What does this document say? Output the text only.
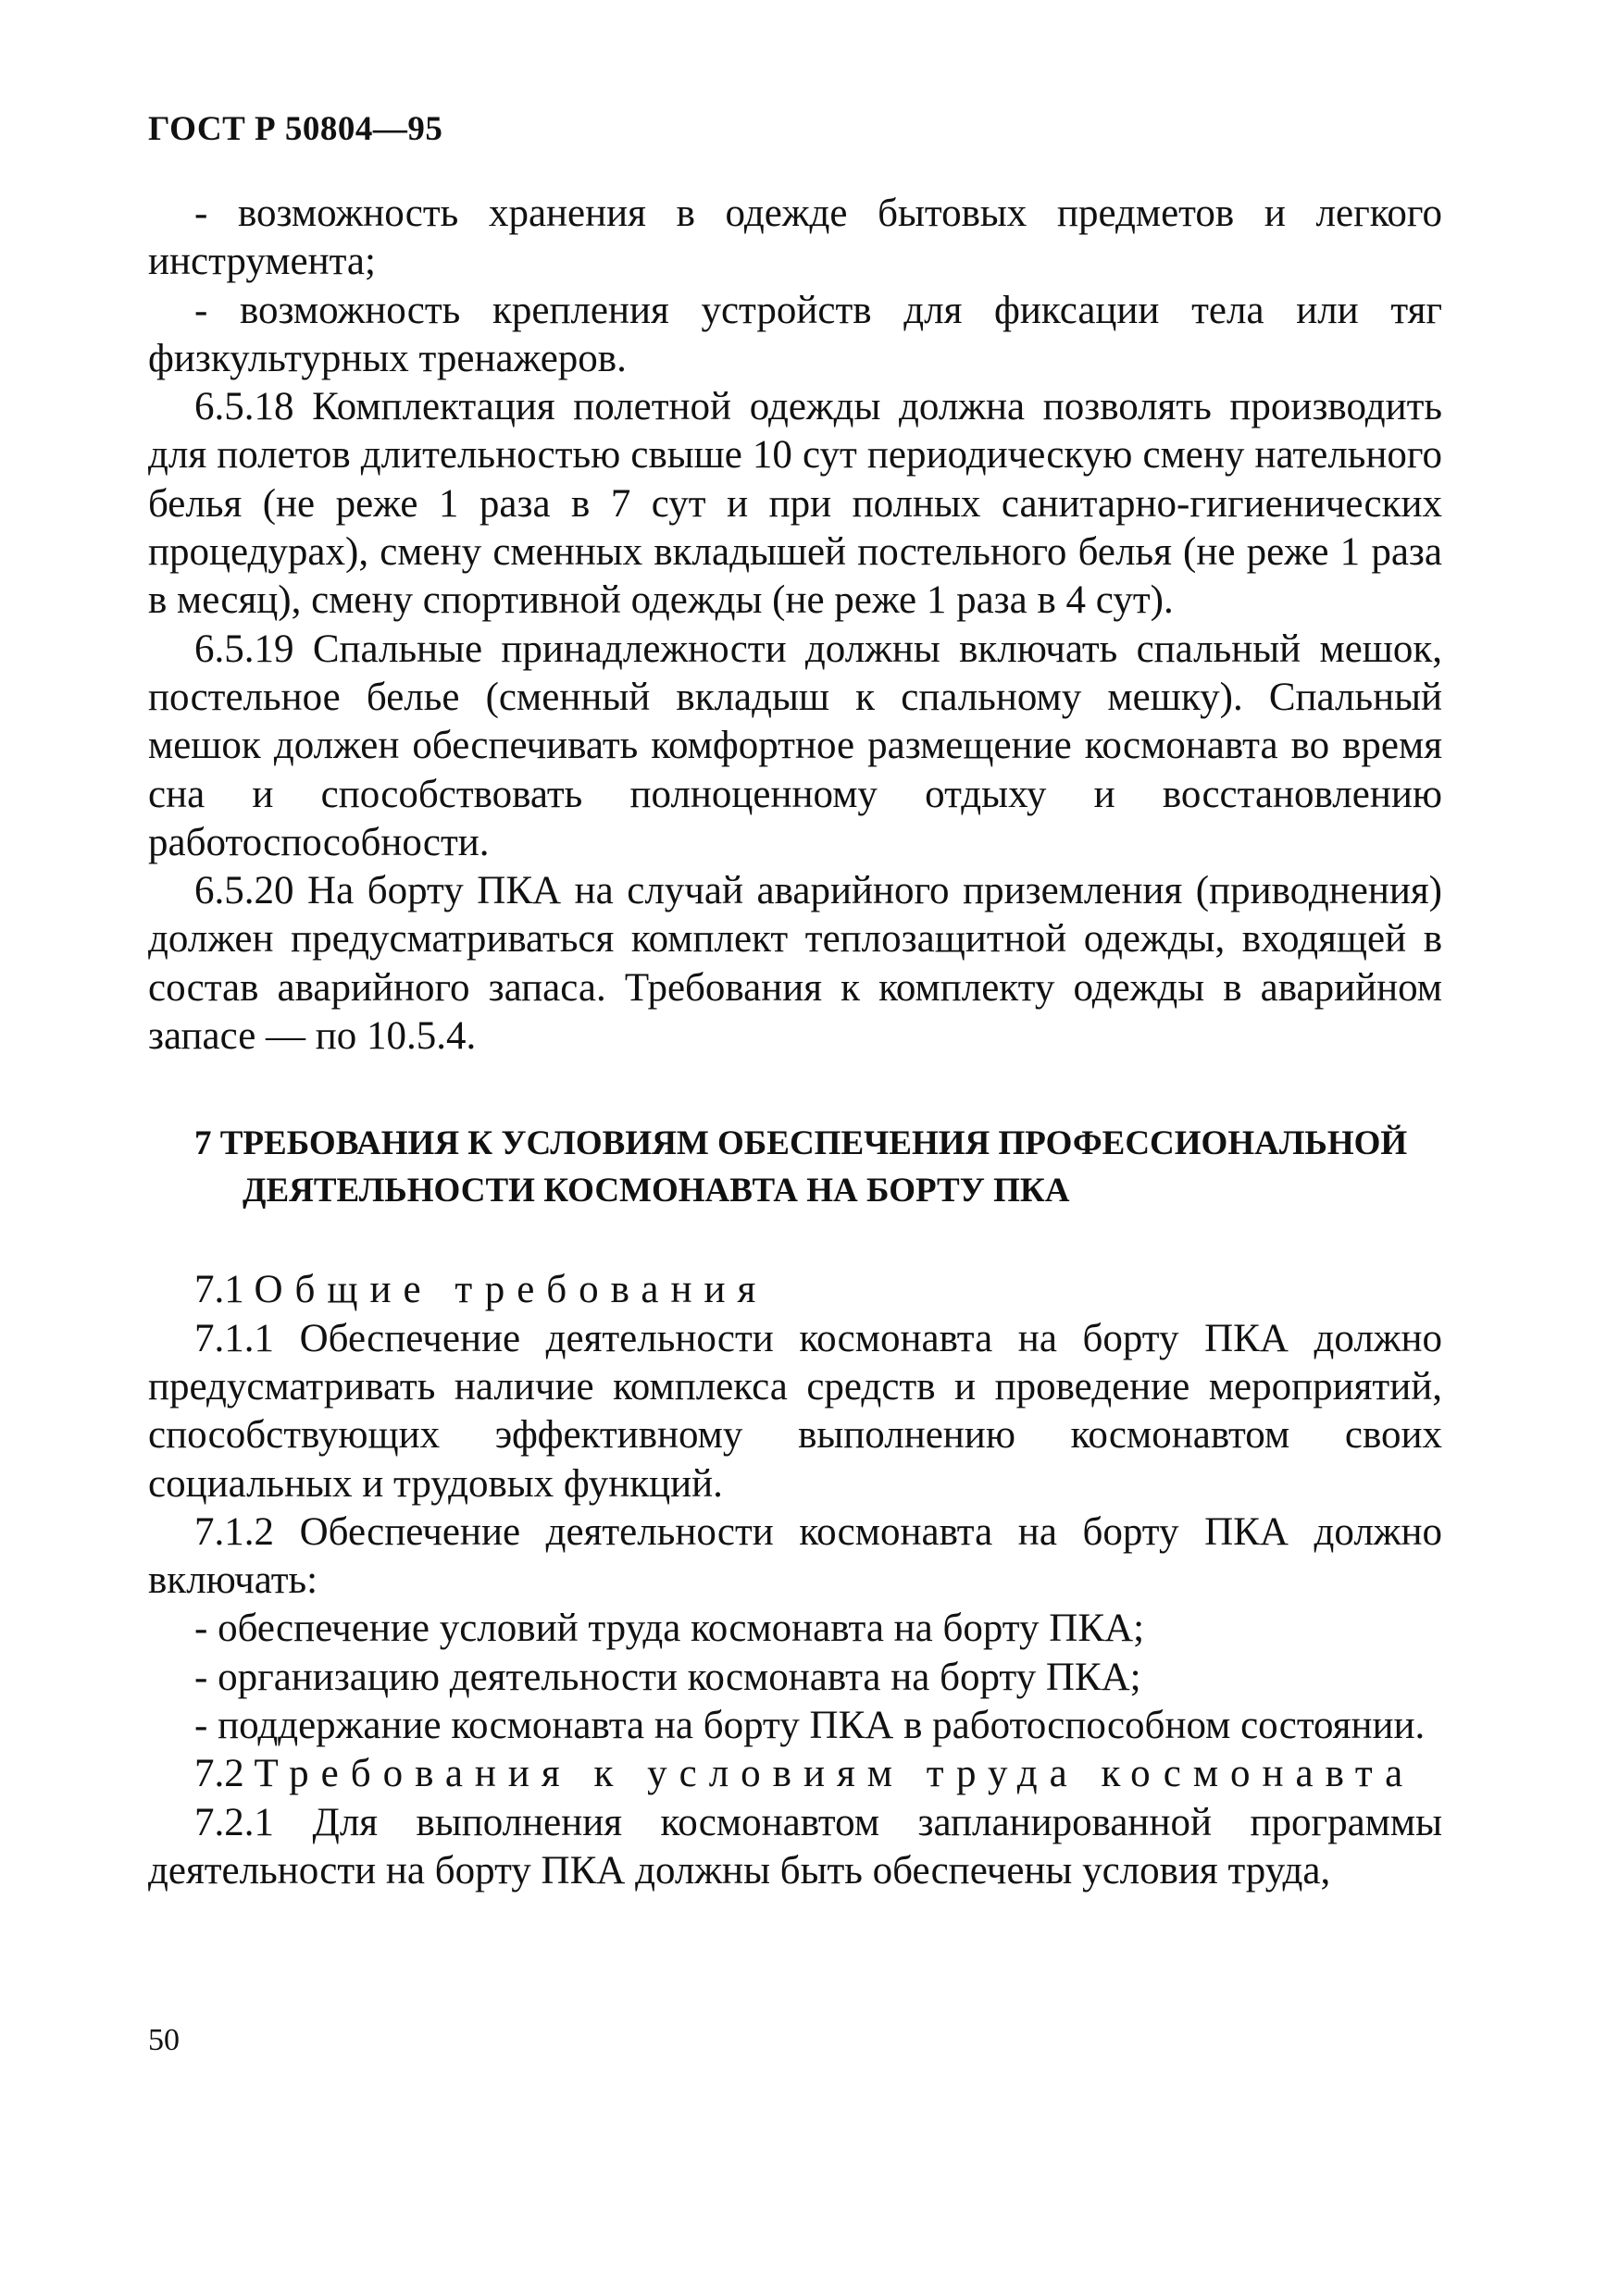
ГОСТ Р 50804—95

- возможность хранения в одежде бытовых предметов и легкого инструмента;

- возможность крепления устройств для фиксации тела или тяг физкультурных тренажеров.

6.5.18 Комплектация полетной одежды должна позволять производить для полетов длительностью свыше 10 сут периодическую смену нательного белья (не реже 1 раза в 7 сут и при полных санитарно-гигиенических процедурах), смену сменных вкладышей постельного белья (не реже 1 раза в месяц), смену спортивной одежды (не реже 1 раза в 4 сут).

6.5.19 Спальные принадлежности должны включать спальный мешок, постельное белье (сменный вкладыш к спальному мешку). Спальный мешок должен обеспечивать комфортное размещение космонавта во время сна и способствовать полноценному отдыху и восстановлению работоспособности.

6.5.20 На борту ПКА на случай аварийного приземления (приводнения) должен предусматриваться комплект теплозащитной одежды, входящей в состав аварийного запаса. Требования к комплекту одежды в аварийном запасе — по 10.5.4.

7 ТРЕБОВАНИЯ К УСЛОВИЯМ ОБЕСПЕЧЕНИЯ ПРОФЕССИОНАЛЬНОЙ ДЕЯТЕЛЬНОСТИ КОСМОНАВТА НА БОРТУ ПКА

7.1 Общие требования

7.1.1 Обеспечение деятельности космонавта на борту ПКА должно предусматривать наличие комплекса средств и проведение мероприятий, способствующих эффективному выполнению космонавтом своих социальных и трудовых функций.

7.1.2 Обеспечение деятельности космонавта на борту ПКА должно включать:

- обеспечение условий труда космонавта на борту ПКА;

- организацию деятельности космонавта на борту ПКА;

- поддержание космонавта на борту ПКА в работоспособном состоянии.

7.2 Требования к условиям труда космонавта

7.2.1 Для выполнения космонавтом запланированной программы деятельности на борту ПКА должны быть обеспечены условия труда,

50
